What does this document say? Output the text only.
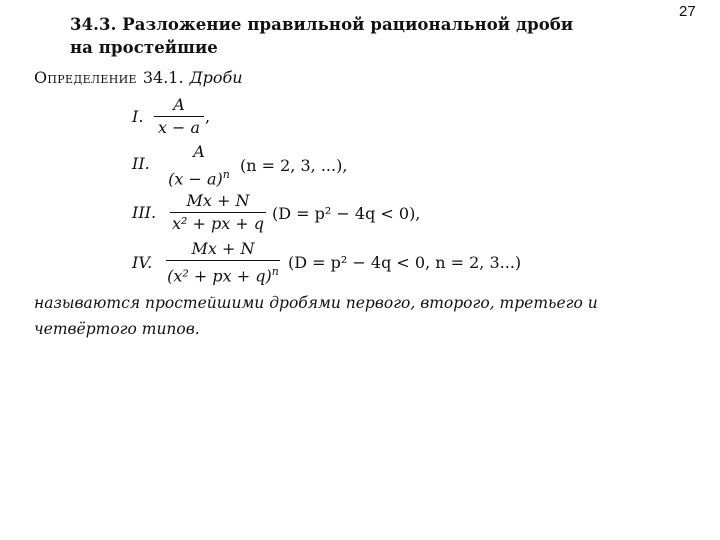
27
34.3. Разложение правильной рациональной дроби
на простейшие
Определение 34.1. Дроби
I.
A
x − a
,
II.
A
$(x - a)^n$ (n = 2, 3, ...),
III.
Mx + N
x² + px + q
(D = p² − 4q < 0),
IV.
Mx + N
(x² + px + q)$^n$ (D = p² − 4q < 0, n = 2, 3...)
называются простейшими дробями первого, второго, третьего и четвёртого типов.
